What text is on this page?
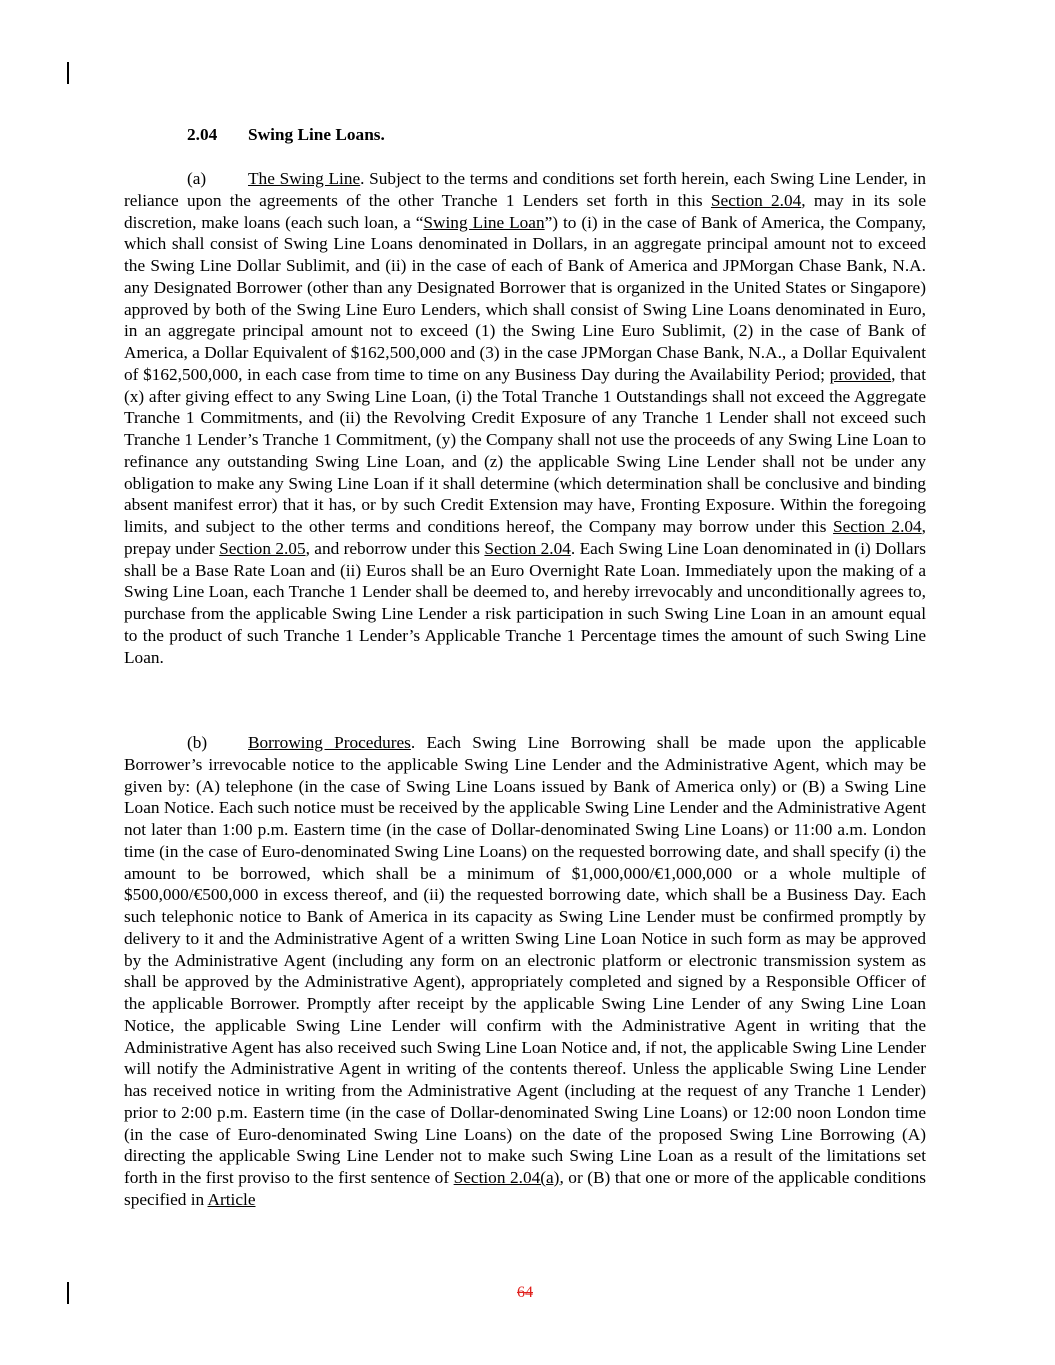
2.04 Swing Line Loans.

(a) The Swing Line. Subject to the terms and conditions set forth herein, each Swing Line Lender, in reliance upon the agreements of the other Tranche 1 Lenders set forth in this Section 2.04, may in its sole discretion, make loans (each such loan, a “Swing Line Loan”) to (i) in the case of Bank of America, the Company, which shall consist of Swing Line Loans denominated in Dollars, in an aggregate principal amount not to exceed the Swing Line Dollar Sublimit, and (ii) in the case of each of Bank of America and JPMorgan Chase Bank, N.A. any Designated Borrower (other than any Designated Borrower that is organized in the United States or Singapore) approved by both of the Swing Line Euro Lenders, which shall consist of Swing Line Loans denominated in Euro, in an aggregate principal amount not to exceed (1) the Swing Line Euro Sublimit, (2) in the case of Bank of America, a Dollar Equivalent of $162,500,000 and (3) in the case JPMorgan Chase Bank, N.A., a Dollar Equivalent of $162,500,000, in each case from time to time on any Business Day during the Availability Period; provided, that (x) after giving effect to any Swing Line Loan, (i) the Total Tranche 1 Outstandings shall not exceed the Aggregate Tranche 1 Commitments, and (ii) the Revolving Credit Exposure of any Tranche 1 Lender shall not exceed such Tranche 1 Lender’s Tranche 1 Commitment, (y) the Company shall not use the proceeds of any Swing Line Loan to refinance any outstanding Swing Line Loan, and (z) the applicable Swing Line Lender shall not be under any obligation to make any Swing Line Loan if it shall determine (which determination shall be conclusive and binding absent manifest error) that it has, or by such Credit Extension may have, Fronting Exposure. Within the foregoing limits, and subject to the other terms and conditions hereof, the Company may borrow under this Section 2.04, prepay under Section 2.05, and reborrow under this Section 2.04. Each Swing Line Loan denominated in (i) Dollars shall be a Base Rate Loan and (ii) Euros shall be an Euro Overnight Rate Loan. Immediately upon the making of a Swing Line Loan, each Tranche 1 Lender shall be deemed to, and hereby irrevocably and unconditionally agrees to, purchase from the applicable Swing Line Lender a risk participation in such Swing Line Loan in an amount equal to the product of such Tranche 1 Lender’s Applicable Tranche 1 Percentage times the amount of such Swing Line Loan.

(b) Borrowing Procedures. Each Swing Line Borrowing shall be made upon the applicable Borrower’s irrevocable notice to the applicable Swing Line Lender and the Administrative Agent, which may be given by: (A) telephone (in the case of Swing Line Loans issued by Bank of America only) or (B) a Swing Line Loan Notice. Each such notice must be received by the applicable Swing Line Lender and the Administrative Agent not later than 1:00 p.m. Eastern time (in the case of Dollar-denominated Swing Line Loans) or 11:00 a.m. London time (in the case of Euro-denominated Swing Line Loans) on the requested borrowing date, and shall specify (i) the amount to be borrowed, which shall be a minimum of $1,000,000/€1,000,000 or a whole multiple of $500,000/€500,000 in excess thereof, and (ii) the requested borrowing date, which shall be a Business Day. Each such telephonic notice to Bank of America in its capacity as Swing Line Lender must be confirmed promptly by delivery to it and the Administrative Agent of a written Swing Line Loan Notice in such form as may be approved by the Administrative Agent (including any form on an electronic platform or electronic transmission system as shall be approved by the Administrative Agent), appropriately completed and signed by a Responsible Officer of the applicable Borrower. Promptly after receipt by the applicable Swing Line Lender of any Swing Line Loan Notice, the applicable Swing Line Lender will confirm with the Administrative Agent in writing that the Administrative Agent has also received such Swing Line Loan Notice and, if not, the applicable Swing Line Lender will notify the Administrative Agent in writing of the contents thereof. Unless the applicable Swing Line Lender has received notice in writing from the Administrative Agent (including at the request of any Tranche 1 Lender) prior to 2:00 p.m. Eastern time (in the case of Dollar-denominated Swing Line Loans) or 12:00 noon London time (in the case of Euro-denominated Swing Line Loans) on the date of the proposed Swing Line Borrowing (A) directing the applicable Swing Line Lender not to make such Swing Line Loan as a result of the limitations set forth in the first proviso to the first sentence of Section 2.04(a), or (B) that one or more of the applicable conditions specified in Article

64
